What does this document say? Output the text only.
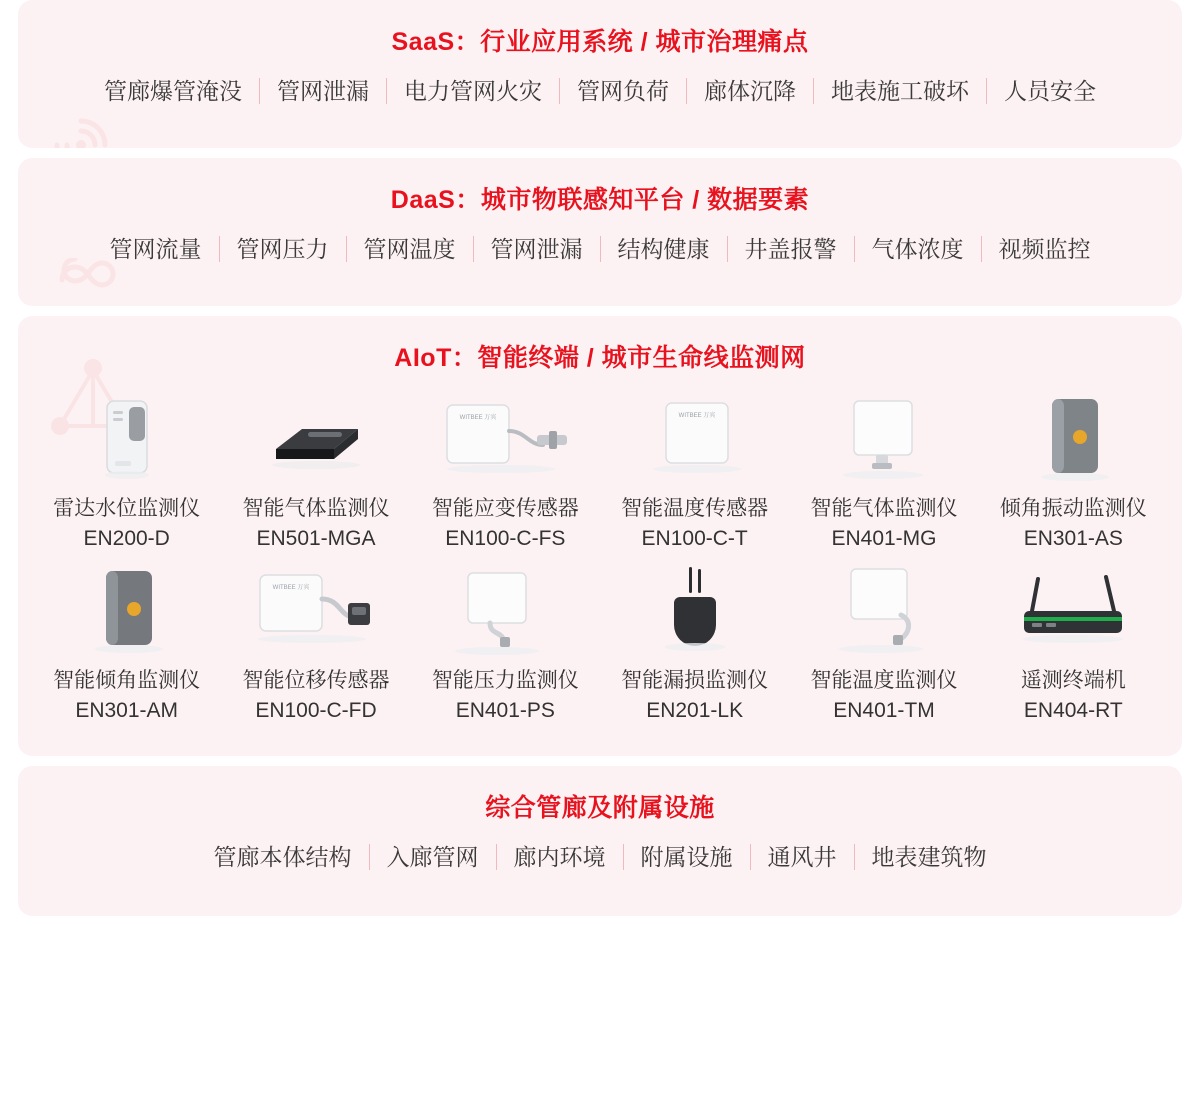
SaaS：行业应用系统 / 城市治理痛点
管廊爆管淹没	管网泄漏	电力管网火灾	管网负荷	廊体沉降	地表施工破坏	人员安全
DaaS：城市物联感知平台 / 数据要素
管网流量	管网压力	管网温度	管网泄漏	结构健康	井盖报警	气体浓度	视频监控
AIoT：智能终端 / 城市生命线监测网
雷达水位监测仪
EN200-D
智能气体监测仪
EN501-MGA
WITBEE 万宾
智能应变传感器
EN100-C-FS
WITBEE 万宾
智能温度传感器
EN100-C-T
智能气体监测仪
EN401-MG
倾角振动监测仪
EN301-AS
智能倾角监测仪
EN301-AM
WITBEE 万宾
智能位移传感器
EN100-C-FD
智能压力监测仪
EN401-PS
智能漏损监测仪
EN201-LK
智能温度监测仪
EN401-TM
遥测终端机
EN404-RT
综合管廊及附属设施
管廊本体结构	入廊管网	廊内环境	附属设施	通风井	地表建筑物
